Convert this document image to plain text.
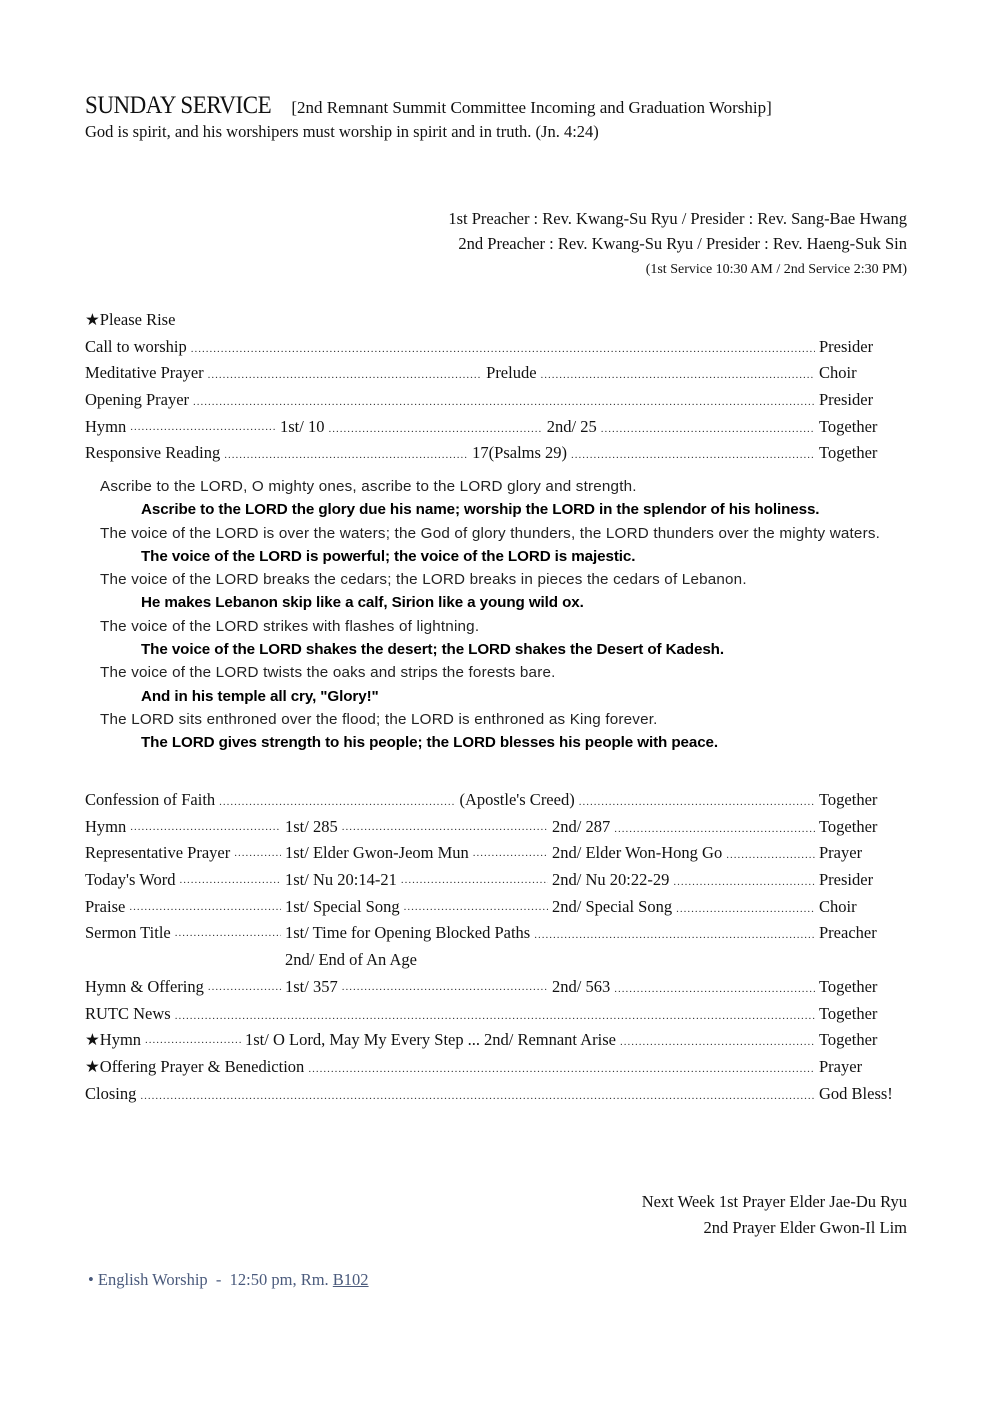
SUNDAY SERVICE [2nd Remnant Summit Committee Incoming and Graduation Worship]
God is spirit, and his worshipers must worship in spirit and in truth. (Jn. 4:24)
1st Preacher : Rev. Kwang-Su Ryu / Presider : Rev. Sang-Bae Hwang
2nd Preacher : Rev. Kwang-Su Ryu / Presider : Rev. Haeng-Suk Sin
(1st Service 10:30 AM / 2nd Service 2:30 PM)
★Please Rise
Call to worship .....	Presider
Meditative Prayer .....	Prelude .....	Choir
Opening Prayer .....	Presider
Hymn .....	1st/ 10 .....	2nd/ 25 .....	Together
Responsive Reading .....	17(Psalms 29) .....	Together
Ascribe to the LORD, O mighty ones, ascribe to the LORD glory and strength.
Ascribe to the LORD the glory due his name; worship the LORD in the splendor of his holiness.
The voice of the LORD is over the waters; the God of glory thunders, the LORD thunders over the mighty waters.
The voice of the LORD is powerful; the voice of the LORD is majestic.
The voice of the LORD breaks the cedars; the LORD breaks in pieces the cedars of Lebanon.
He makes Lebanon skip like a calf, Sirion like a young wild ox.
The voice of the LORD strikes with flashes of lightning.
The voice of the LORD shakes the desert; the LORD shakes the Desert of Kadesh.
The voice of the LORD twists the oaks and strips the forests bare.
And in his temple all cry, "Glory!"
The LORD sits enthroned over the flood; the LORD is enthroned as King forever.
The LORD gives strength to his people; the LORD blesses his people with peace.
Confession of Faith .....	(Apostle's Creed) .....	Together
Hymn .....	1st/ 285 .....	2nd/ 287 .....	Together
Representative Prayer .....	1st/ Elder Gwon-Jeom Mun .....	2nd/ Elder Won-Hong Go .....	Prayer
Today's Word .....	1st/ Nu 20:14-21 .....	2nd/ Nu 20:22-29 .....	Presider
Praise .....	1st/ Special Song .....	2nd/ Special Song .....	Choir
Sermon Title .....	1st/ Time for Opening Blocked Paths .....	Preacher
2nd/ End of An Age
Hymn & Offering .....	1st/ 357 .....	2nd/ 563 .....	Together
RUTC News .....	Together
★Hymn .....	1st/ O Lord, May My Every Step ... 2nd/ Remnant Arise .....	Together
★Offering Prayer & Benediction .....	Prayer
Closing .....	God Bless!
Next Week 1st Prayer Elder Jae-Du Ryu
2nd Prayer Elder Gwon-Il Lim
• English Worship  -  12:50 pm, Rm. B102
